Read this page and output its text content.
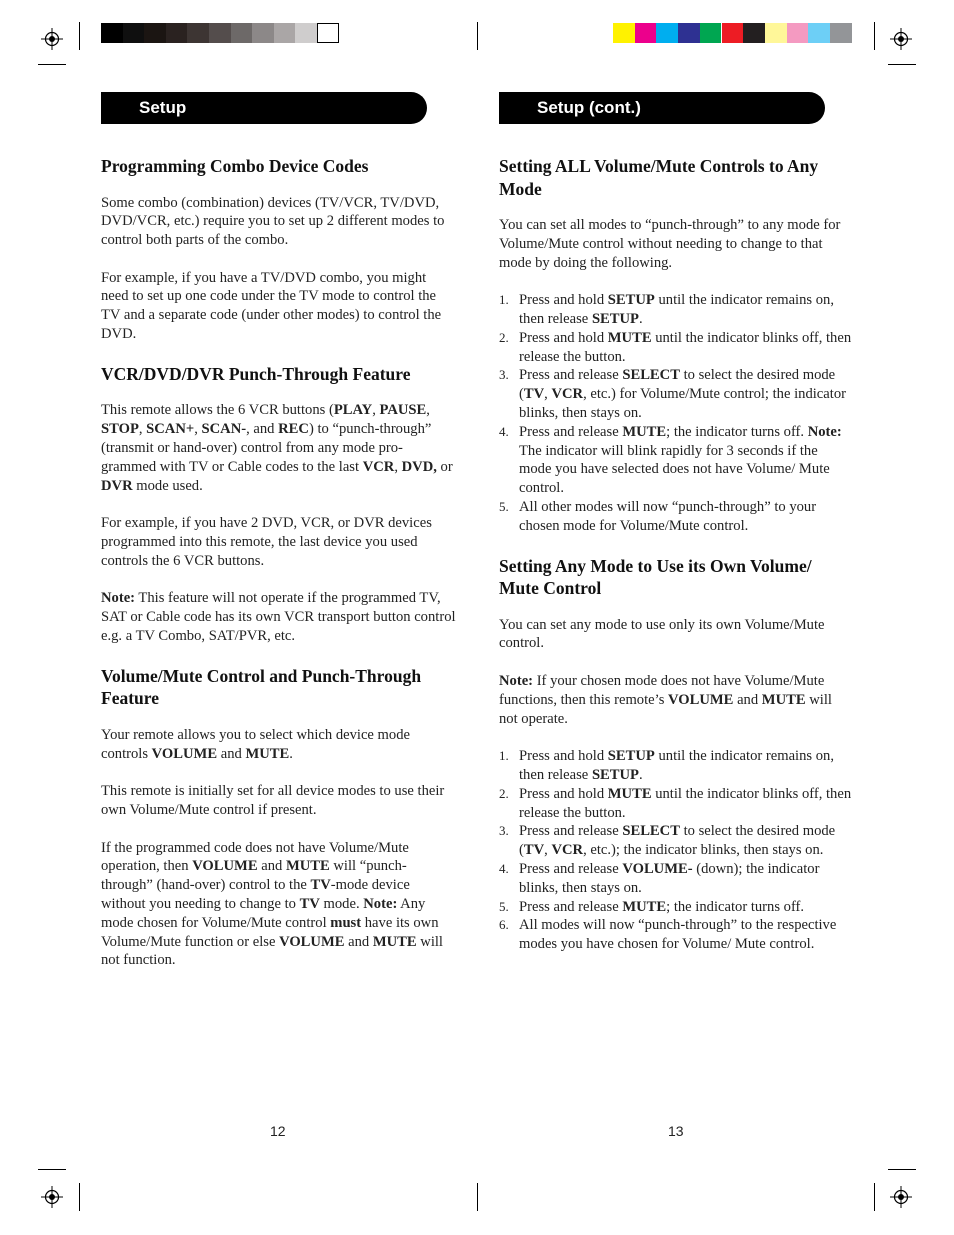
Setup	Setup (cont.)

Programming Combo Device Codes

Some combo (combination) devices (TV/VCR, TV/DVD, DVD/VCR, etc.) require you to set up 2 different modes to control both parts of the combo.

For example, if you have a TV/DVD combo, you might need to set up one code under the TV mode to control the TV and a separate code (under other modes) to control the DVD.

VCR/DVD/DVR Punch-Through Feature

This remote allows the 6 VCR buttons (PLAY, PAUSE, STOP, SCAN+, SCAN-, and REC) to “punch-through” (transmit or hand-over) control from any mode pro-grammed with TV or Cable codes to the last VCR, DVD, or DVR mode used.

For example, if you have 2 DVD, VCR, or DVR devices programmed into this remote, the last device you used controls the 6 VCR buttons.

Note: This feature will not operate if the programmed TV, SAT or Cable code has its own VCR transport button control e.g. a TV Combo, SAT/PVR, etc.

Volume/Mute Control and Punch-Through Feature

Your remote allows you to select which device mode controls VOLUME and MUTE.

This remote is initially set for all device modes to use their own Volume/Mute control if present.

If the programmed code does not have Volume/Mute operation, then VOLUME and MUTE will “punch-through” (hand-over) control to the TV-mode device without you needing to change to TV mode. Note: Any mode chosen for Volume/Mute control must have its own Volume/Mute function or else VOLUME and MUTE will not function.

Setting ALL Volume/Mute Controls to Any Mode

You can set all modes to “punch-through” to any mode for Volume/Mute control without needing to change to that mode by doing the following.

1. Press and hold SETUP until the indicator remains on, then release SETUP.
2. Press and hold MUTE until the indicator blinks off, then release the button.
3. Press and release SELECT to select the desired mode (TV, VCR, etc.) for Volume/Mute control; the indicator blinks, then stays on.
4. Press and release MUTE; the indicator turns off. Note: The indicator will blink rapidly for 3 seconds if the mode you have selected does not have Volume/ Mute control.
5. All other modes will now “punch-through” to your chosen mode for Volume/Mute control.

Setting Any Mode to Use its Own Volume/ Mute Control

You can set any mode to use only its own Volume/Mute control.

Note: If your chosen mode does not have Volume/Mute functions, then this remote’s VOLUME and MUTE will not operate.

1. Press and hold SETUP until the indicator remains on, then release SETUP.
2. Press and hold MUTE until the indicator blinks off, then release the button.
3. Press and release SELECT to select the desired mode (TV, VCR, etc.); the indicator blinks, then stays on.
4. Press and release VOLUME- (down); the indicator blinks, then stays on.
5. Press and release MUTE; the indicator turns off.
6. All modes will now “punch-through” to the respective modes you have chosen for Volume/ Mute control.
12	13
